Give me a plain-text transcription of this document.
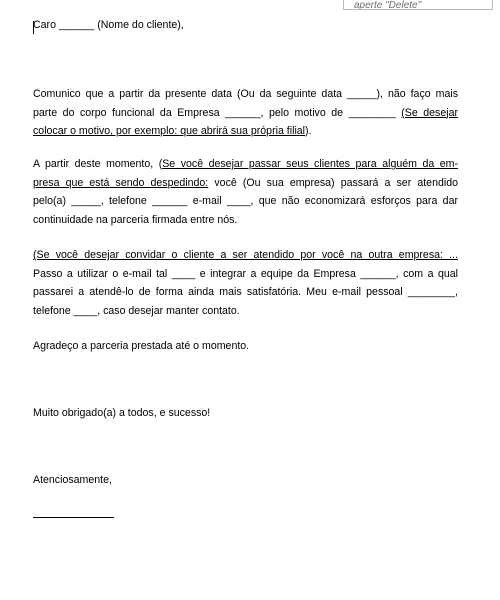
aperte "Delete"

Caro ______ (Nome do cliente),

Comunico que a partir da presente data (Ou da seguinte data _____), não faço mais
parte do corpo funcional da Empresa ______, pelo motivo de ________ (Se desejar
colocar o motivo, por exemplo: que abrirá sua própria filial).

A partir deste momento, (Se você desejar passar seus clientes para alguém da em-
presa que está sendo despedindo: você (Ou sua empresa) passará a ser atendido
pelo(a) _____, telefone ______ e-mail ____, que não economizará esforços para dar
continuidade na parceria firmada entre nós.

(Se você desejar convidar o cliente a ser atendido por você na outra empresa: ...
Passo a utilizar o e-mail tal ____ e integrar a equipe da Empresa ______, com a qual
passarei a atendê-lo de forma ainda mais satisfatória. Meu e-mail pessoal ________,
telefone ____, caso desejar manter contato.

Agradeço a parceria prestada até o momento.

Muito obrigado(a) a todos, e sucesso!

Atenciosamente,
